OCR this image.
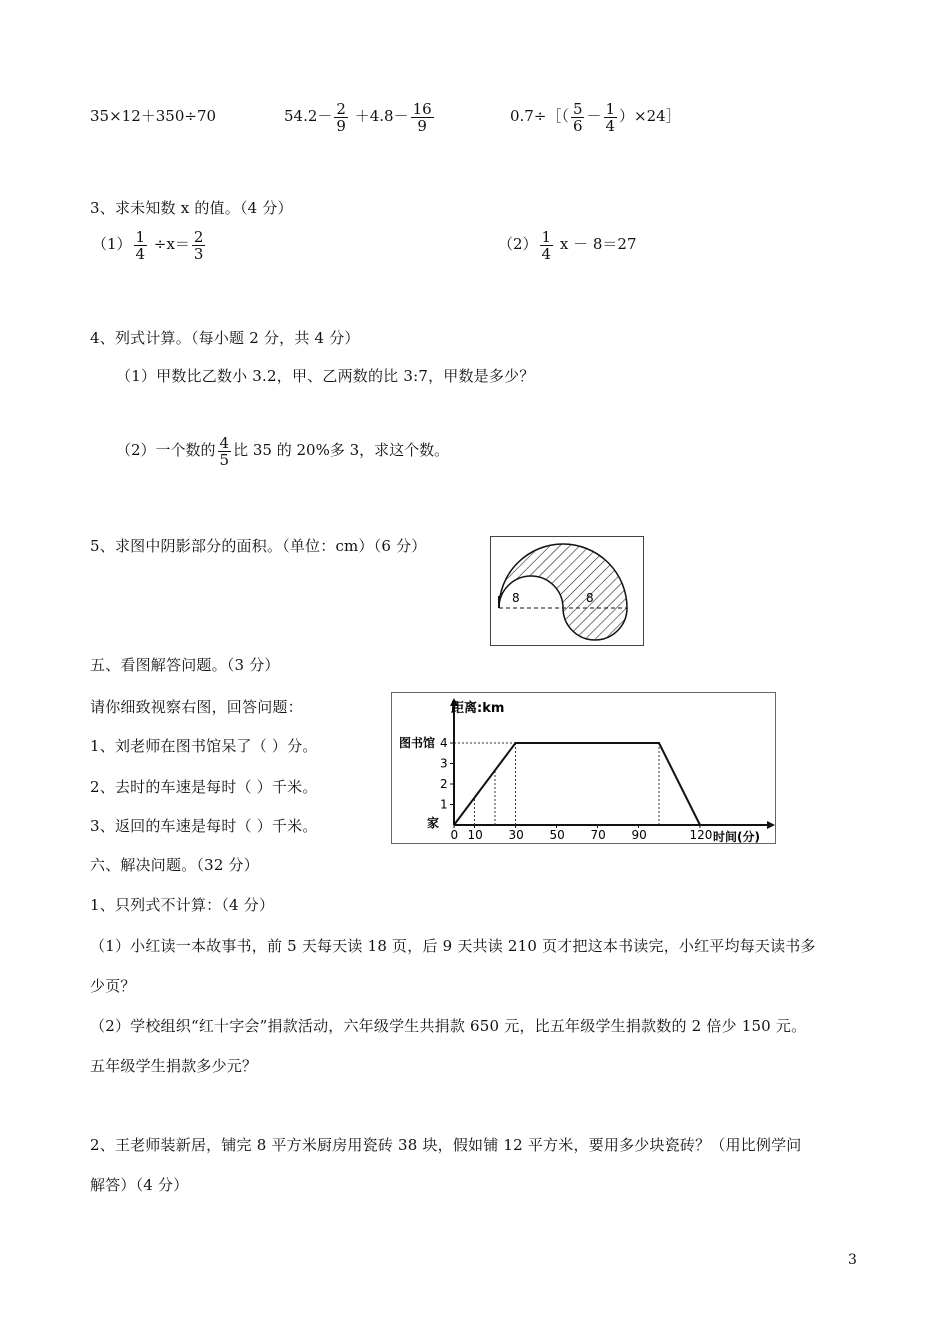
35×12＋350÷70	$54.2- \frac{2}{9} +4.8- \frac{16}{9}$	0.7÷［（ $\frac{5}{6} - \frac{1}{4}$ ）×24］
3、求未知数 x 的值。（4 分）
$(1) \frac{1}{4} \div x= \frac{2}{3}$	$(2) \frac{1}{4}$ x － 8＝27
4、列式计算。（每小题 2 分，共 4 分）
（1）甲数比乙数小 3.2，甲、乙两数的比 3:7，甲数是多少？
（2）一个数的 $\frac{4}{5}$ 比 35 的 20%多 3，求这个数。
5、求图中阴影部分的面积。（单位：cm）（6 分）
8	8
五、看图解答问题。（3 分）
请你细致视察右图，回答问题：
1、刘老师在图书馆呆了（ ）分。
2、去时的车速是每时（ ）千米。
3、返回的车速是每时（ ）千米。
距离:km
图书馆
家
时间(分)
1
2
3
4
0 10 30 50 70 90	120
六、解决问题。（32 分）
1、只列式不计算：（4 分）
（1）小红读一本故事书，前 5 天每天读 18 页，后 9 天共读 210 页才把这本书读完，小红平均每天读书多
少页？
（2）学校组织“红十字会”捐款活动，六年级学生共捐款 650 元，比五年级学生捐款数的 2 倍少 150 元。
五年级学生捐款多少元？
2、王老师装新居，铺完 8 平方米厨房用瓷砖 38 块，假如铺 12 平方米，要用多少块瓷砖？（用比例学问
解答）（4 分）
3
